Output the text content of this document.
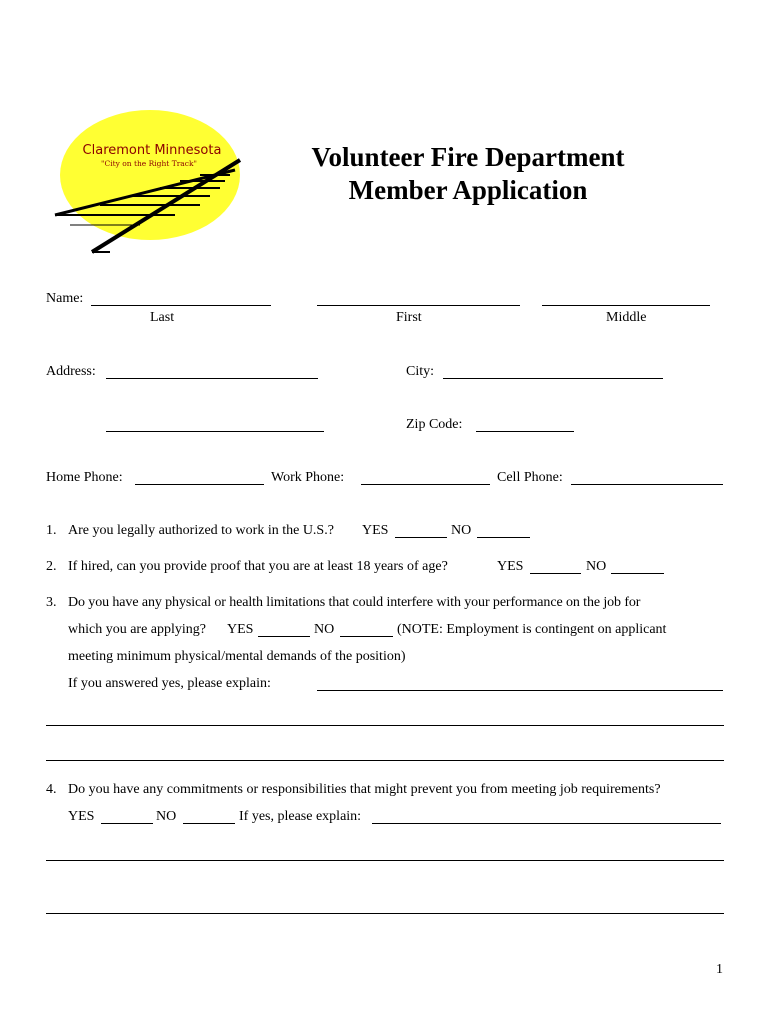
Claremont Minnesota
"City on the Right Track"	Volunteer Fire Department
Member Application
Name:
Last	First	Middle
Address:	City:
Zip Code:
Home Phone:	Work Phone:	Cell Phone:
1. Are you legally authorized to work in the U.S.? YES	NO
2. If hired, can you provide proof that you are at least 18 years of age?	YES	NO
3. Do you have any physical or health limitations that could interfere with your performance on the job for
which you are applying? YES	NO	(NOTE: Employment is contingent on applicant
meeting minimum physical/mental demands of the position)
If you answered yes, please explain:
4. Do you have any commitments or responsibilities that might prevent you from meeting job requirements?
YES	NO	If yes, please explain:
1
